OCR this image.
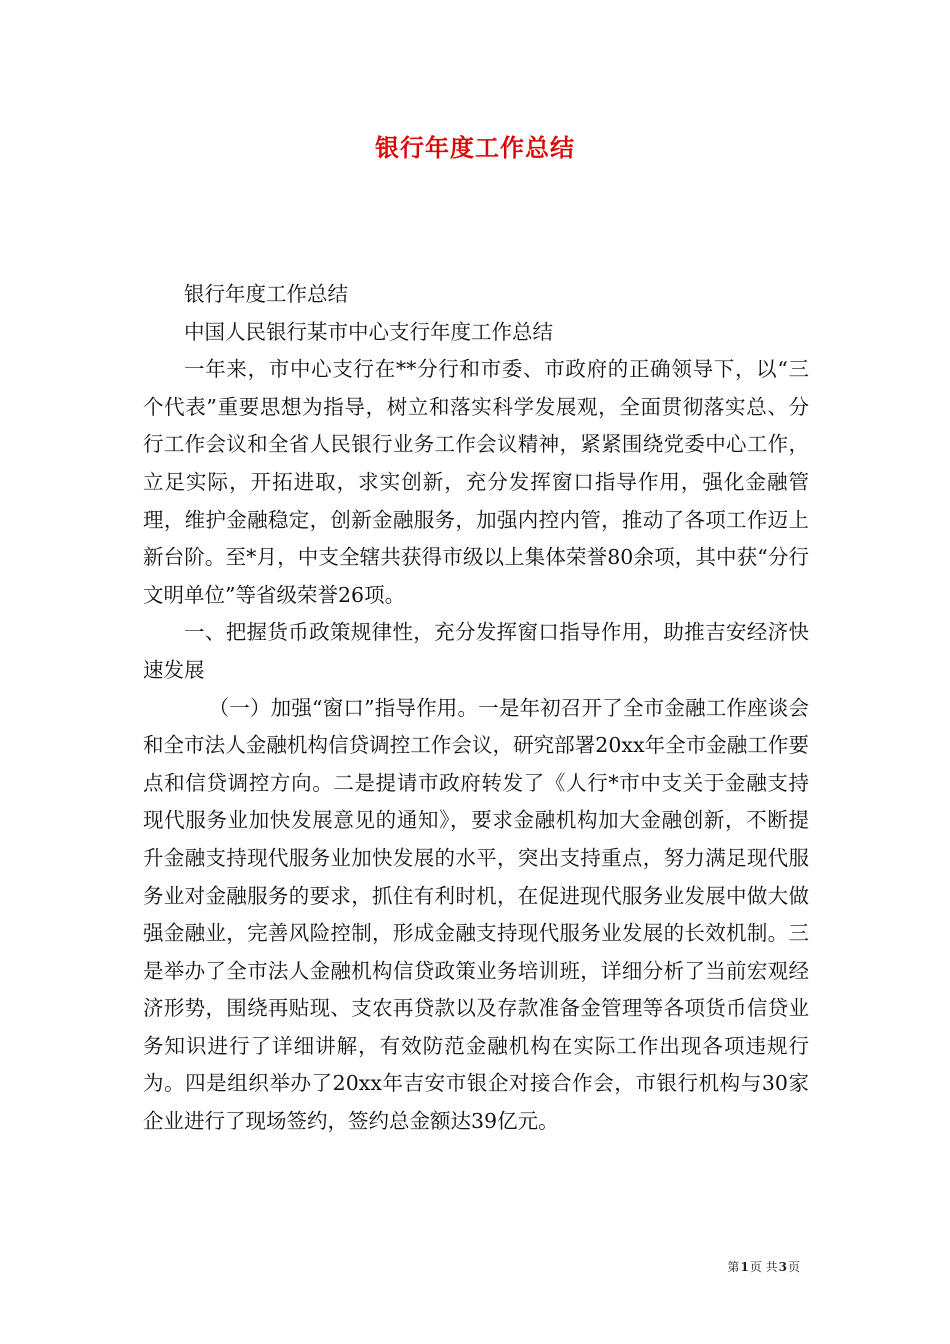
银行年度工作总结

银行年度工作总结

中国人民银行某市中心支行年度工作总结

一年来，市中心支行在**分行和市委、市政府的正确领导下，以“三个代表”重要思想为指导，树立和落实科学发展观，全面贯彻落实总、分行工作会议和全省人民银行业务工作会议精神，紧紧围绕党委中心工作，立足实际，开拓进取，求实创新，充分发挥窗口指导作用，强化金融管理，维护金融稳定，创新金融服务，加强内控内管，推动了各项工作迈上新台阶。至*月，中支全辖共获得市级以上集体荣誉80余项，其中获“分行文明单位”等省级荣誉26项。

一、把握货币政策规律性，充分发挥窗口指导作用，助推吉安经济快速发展

（一）加强“窗口”指导作用。一是年初召开了全市金融工作座谈会和全市法人金融机构信贷调控工作会议，研究部署20xx年全市金融工作要点和信贷调控方向。二是提请市政府转发了《人行*市中支关于金融支持现代服务业加快发展意见的通知》，要求金融机构加大金融创新，不断提升金融支持现代服务业加快发展的水平，突出支持重点，努力满足现代服务业对金融服务的要求，抓住有利时机，在促进现代服务业发展中做大做强金融业，完善风险控制，形成金融支持现代服务业发展的长效机制。三是举办了全市法人金融机构信贷政策业务培训班，详细分析了当前宏观经济形势，围绕再贴现、支农再贷款以及存款准备金管理等各项货币信贷业务知识进行了详细讲解，有效防范金融机构在实际工作出现各项违规行为。四是组织举办了20xx年吉安市银企对接合作会，市银行机构与30家企业进行了现场签约，签约总金额达39亿元。

第1页 共3页
